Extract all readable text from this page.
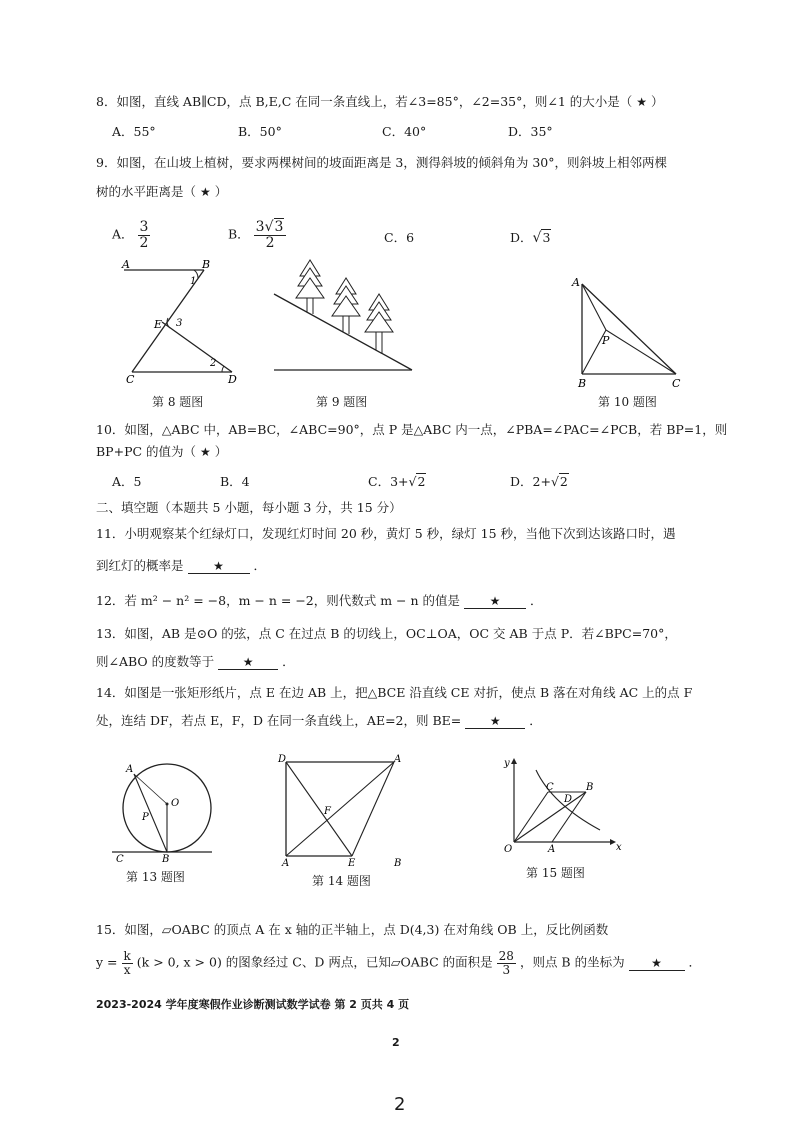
8．如图，直线 AB∥CD，点 B,E,C 在同一条直线上，若∠3=85°，∠2=35°，则∠1 的大小是（ ★ ）
A．55°	B．50°	C．40°	D．35°
9．如图，在山坡上植树，要求两棵树间的坡面距离是 3，测得斜坡的倾斜角为 30°，则斜坡上相邻两棵
树的水平距离是（ ★ ）
A． $\frac{3}{2}$	B． $\frac{3√3}{2}$	C．6	D．√3
A	B
1
E 3
2
C	D
第 8 题图	第 9 题图
A
P
B	C
第 10 题图
10．如图，△ABC 中，AB=BC，∠ABC=90°，点 P 是△ABC 内一点，∠PBA=∠PAC=∠PCB，若 BP=1，则
BP+PC 的值为（ ★ ）
A．5	B．4	C．3+√2	D．2+√2
二、填空题（本题共 5 小题，每小题 3 分，共 15 分）
11．小明观察某个红绿灯口，发现红灯时间 20 秒，黄灯 5 秒，绿灯 15 秒，当他下次到达该路口时，遇
到红灯的概率是 ★ ．
12．若 m² − n² = −8，m − n = −2，则代数式 m − n 的值是 ★ ．
13．如图，AB 是⊙O 的弦，点 C 在过点 B 的切线上，OC⊥OA，OC 交 AB 于点 P．若∠BPC=70°，
则∠ABO 的度数等于 ★ ．
14．如图是一张矩形纸片，点 E 在边 AB 上，把△BCE 沿直线 CE 对折，使点 B 落在对角线 AC 上的点 F
处，连结 DF，若点 E，F，D 在同一条直线上，AE=2，则 BE= ★ ．
A
O
P
C	B
第 13 题图
D	A
F
A	E	B
第 14 题图
y
x
O	A
C	B
D
第 15 题图
15．如图，▱OABC 的顶点 A 在 x 轴的正半轴上，点 D(4,3) 在对角线 OB 上，反比例函数
$y = \frac{k}{x} (k > 0$, x > 0) 的图象经过 C、D 两点，已知▱OABC 的面积是 $\frac{28}{3}$ ，则点 B 的坐标为 ★ ．
2023-2024 学年度寒假作业诊断测试数学试卷 第 2 页共 4 页
2
2
